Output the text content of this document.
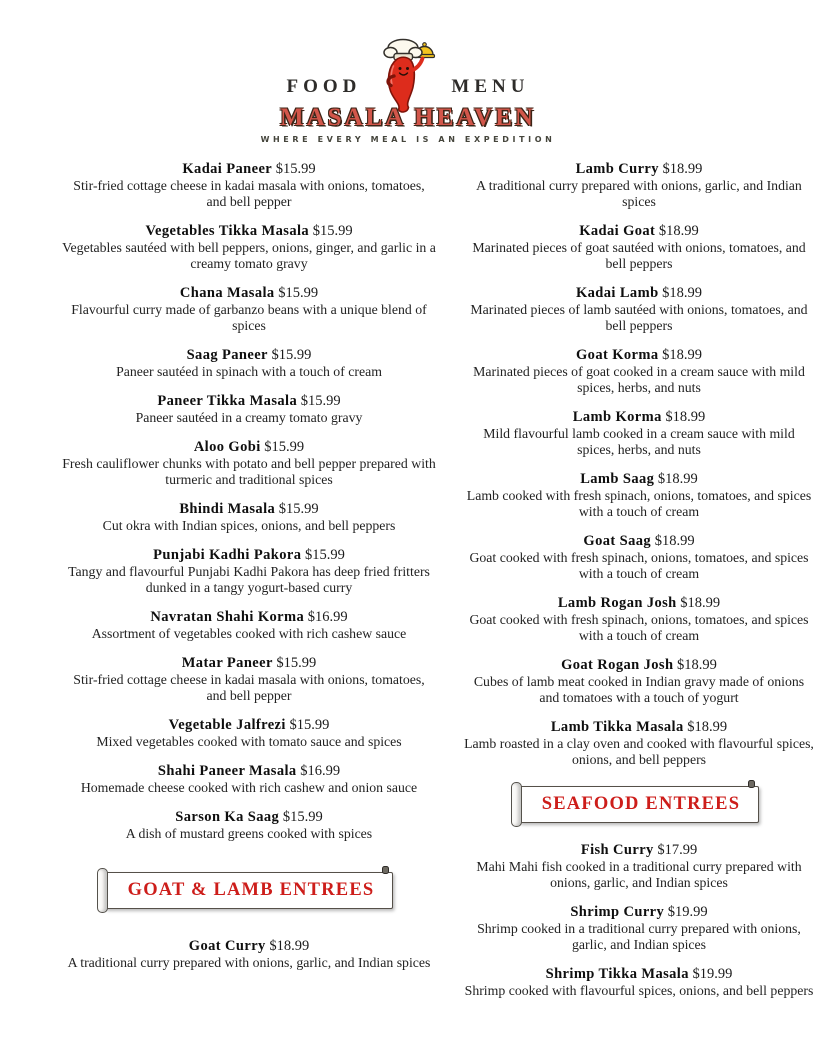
FOOD	MENU
MASALA HEAVEN
WHERE EVERY MEAL IS AN EXPEDITION
Kadai Paneer $15.99
Stir-fried cottage cheese in kadai masala with onions, tomatoes, and bell pepper
Vegetables Tikka Masala $15.99
Vegetables sautéed with bell peppers, onions, ginger, and garlic in a creamy tomato gravy
Chana Masala $15.99
Flavourful curry made of garbanzo beans with a unique blend of spices
Saag Paneer $15.99
Paneer sautéed in spinach with a touch of cream
Paneer Tikka Masala $15.99
Paneer sautéed in a creamy tomato gravy
Aloo Gobi $15.99
Fresh cauliflower chunks with potato and bell pepper prepared with turmeric and traditional spices
Bhindi Masala $15.99
Cut okra with Indian spices, onions, and bell peppers
Punjabi Kadhi Pakora $15.99
Tangy and flavourful Punjabi Kadhi Pakora has deep fried fritters dunked in a tangy yogurt-based curry
Navratan Shahi Korma $16.99
Assortment of vegetables cooked with rich cashew sauce
Matar Paneer $15.99
Stir-fried cottage cheese in kadai masala with onions, tomatoes, and bell pepper
Vegetable Jalfrezi $15.99
Mixed vegetables cooked with tomato sauce and spices
Shahi Paneer Masala $16.99
Homemade cheese cooked with rich cashew and onion sauce
Sarson Ka Saag $15.99
A dish of mustard greens cooked with spices
GOAT & LAMB ENTREES
Goat Curry $18.99
A traditional curry prepared with onions, garlic, and Indian spices
Lamb Curry $18.99
A traditional curry prepared with onions, garlic, and Indian spices
Kadai Goat $18.99
Marinated pieces of goat sautéed with onions, tomatoes, and bell peppers
Kadai Lamb $18.99
Marinated pieces of lamb sautéed with onions, tomatoes, and bell peppers
Goat Korma $18.99
Marinated pieces of goat cooked in a cream sauce with mild spices, herbs, and nuts
Lamb Korma $18.99
Mild flavourful lamb cooked in a cream sauce with mild spices, herbs, and nuts
Lamb Saag $18.99
Lamb cooked with fresh spinach, onions, tomatoes, and spices with a touch of cream
Goat Saag $18.99
Goat cooked with fresh spinach, onions, tomatoes, and spices with a touch of cream
Lamb Rogan Josh $18.99
Goat cooked with fresh spinach, onions, tomatoes, and spices with a touch of cream
Goat Rogan Josh $18.99
Cubes of lamb meat cooked in Indian gravy made of onions and tomatoes with a touch of yogurt
Lamb Tikka Masala $18.99
Lamb roasted in a clay oven and cooked with flavourful spices, onions, and bell peppers
SEAFOOD ENTREES
Fish Curry $17.99
Mahi Mahi fish cooked in a traditional curry prepared with onions, garlic, and Indian spices
Shrimp Curry $19.99
Shrimp cooked in a traditional curry prepared with onions, garlic, and Indian spices
Shrimp Tikka Masala $19.99
Shrimp cooked with flavourful spices, onions, and bell peppers
